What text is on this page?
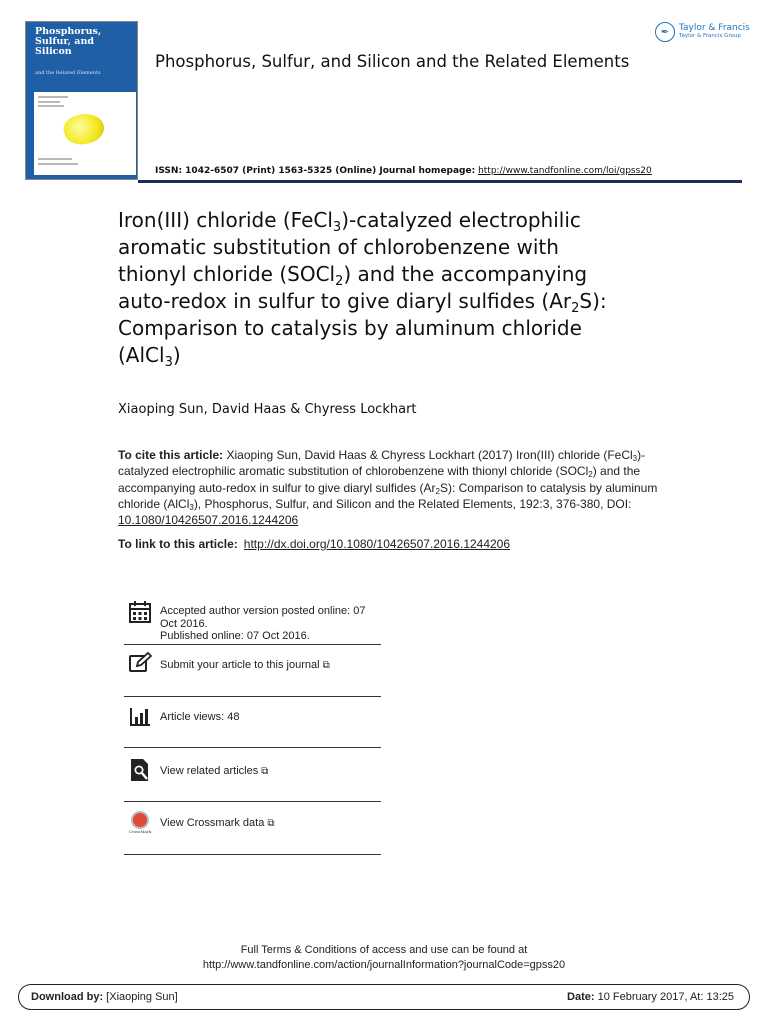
Phosphorus,
Sulfur, and
Silicon
and the Related Elements
Phosphorus, Sulfur, and Silicon and the Related Elements
✒	Taylor & Francis
Taylor & Francis Group
ISSN: 1042-6507 (Print) 1563-5325 (Online) Journal homepage: http://www.tandfonline.com/loi/gpss20
Iron(III) chloride (FeCl$_3$)-catalyzed electrophilic
aromatic substitution of chlorobenzene with
thionyl chloride (SOCl$_2$) and the accompanying
auto-redox in sulfur to give diaryl sulfides $(Ar_2S)$:
Comparison to catalysis by aluminum chloride
(AlCl$_3$)
Xiaoping Sun, David Haas & Chyress Lockhart
To cite this article: Xiaoping Sun, David Haas & Chyress Lockhart (2017) Iron(III) chloride (FeCl$_3$)-catalyzed electrophilic aromatic substitution of chlorobenzene with thionyl chloride (SOCl$_2$) and the accompanying auto-redox in sulfur to give diaryl sulfides $(Ar_2S)$: Comparison to catalysis by aluminum chloride (AlCl$_3$), Phosphorus, Sulfur, and Silicon and the Related Elements, 192:3, 376-380, DOI: 10.1080/10426507.2016.1244206
To link to this article: http://dx.doi.org/10.1080/10426507.2016.1244206
Accepted author version posted online: 07 Oct 2016.
Published online: 07 Oct 2016.
Submit your article to this journal ⧉
Article views: 48
View related articles ⧉
CrossMark
View Crossmark data ⧉
Full Terms & Conditions of access and use can be found at
http://www.tandfonline.com/action/journalInformation?journalCode=gpss20
Download by: [Xiaoping Sun]	Date: 10 February 2017, At: 13:25
